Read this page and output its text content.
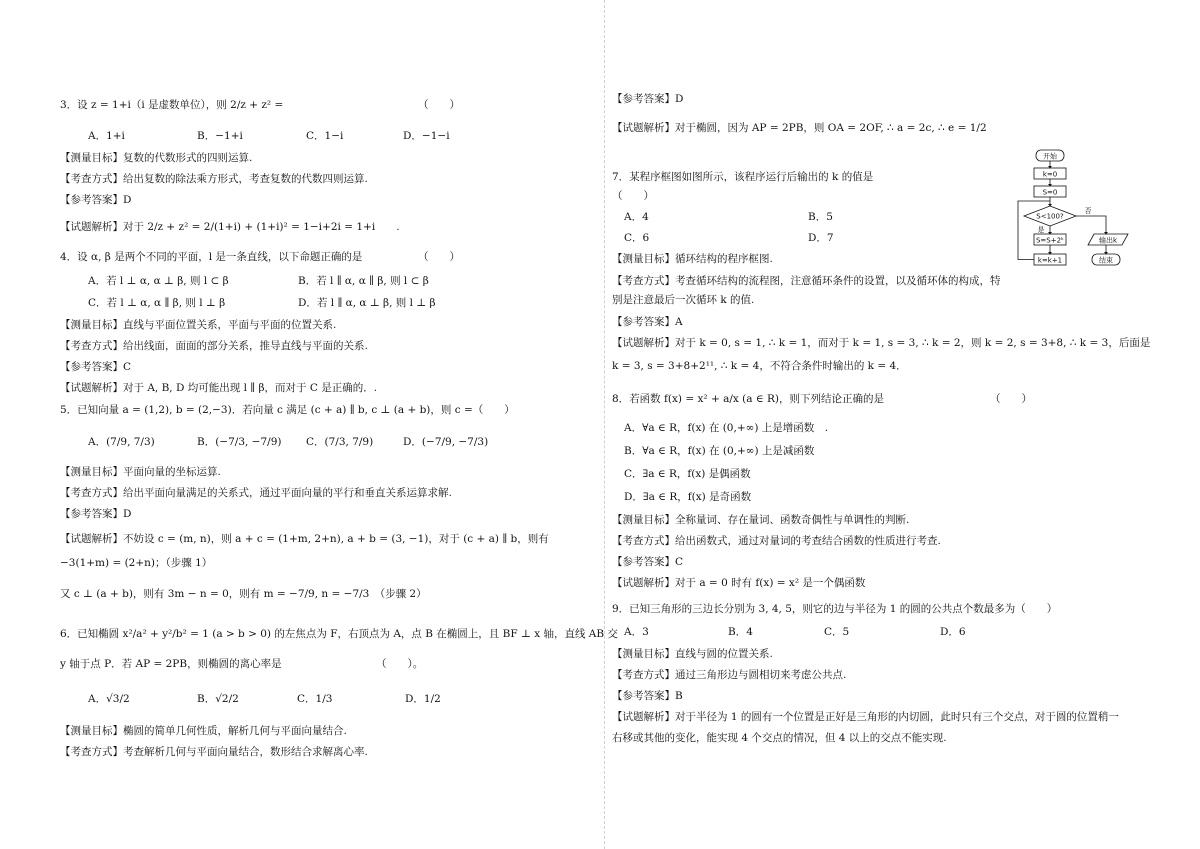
3．设 z = 1+i（i 是虚数单位），则 2/z + z² =	（　　）
A．1+i	B．−1+i	C．1−i	D．−1−i
【测量目标】复数的代数形式的四则运算.
【考查方式】给出复数的除法乘方形式，考查复数的代数四则运算.
【参考答案】D
【试题解析】对于 2/z + z² = 2/(1+i) + (1+i)² = 1−i+2i = 1+i　　.
4．设 α, β 是两个不同的平面，l 是一条直线，以下命题正确的是	（　　）
A．若 l ⊥ α, α ⊥ β, 则 l ⊂ β	B．若 l ∥ α, α ∥ β, 则 l ⊂ β
C．若 l ⊥ α, α ∥ β, 则 l ⊥ β	D．若 l ∥ α, α ⊥ β, 则 l ⊥ β
【测量目标】直线与平面位置关系，平面与平面的位置关系.
【考查方式】给出线面，面面的部分关系，推导直线与平面的关系.
【参考答案】C
【试题解析】对于 A, B, D 均可能出现 l ∥ β，而对于 C 是正确的．.
5．已知向量 a = (1,2), b = (2,−3)．若向量 c 满足 (c + a) ∥ b, c ⊥ (a + b)，则 c =（　　）
A．(7/9, 7/3)	B．(−7/3, −7/9) C．(7/3, 7/9)	D．(−7/9, −7/3)
【测量目标】平面向量的坐标运算.
【考查方式】给出平面向量满足的关系式，通过平面向量的平行和垂直关系运算求解.
【参考答案】D
【试题解析】不妨设 c = (m, n)，则 a + c = (1+m, 2+n), a + b = (3, −1)，对于 (c + a) ∥ b，则有
−3(1+m) = (2+n)；（步骤 1）
又 c ⊥ (a + b)，则有 3m − n = 0，则有 m = −7/9, n = −7/3　（步骤 2）
6．已知椭圆 x²/a² + y²/b² = 1 (a > b > 0) 的左焦点为 F，右顶点为 A，点 B 在椭圆上，且 BF ⊥ x 轴，直线 AB 交
y 轴于点 P．若 AP = 2PB，则椭圆的离心率是	（　　）。
A．√3/2	B．√2/2	C．1/3	D．1/2
【测量目标】椭圆的简单几何性质，解析几何与平面向量结合.
【考查方式】考查解析几何与平面向量结合，数形结合求解离心率.
【参考答案】D
【试题解析】对于椭圆，因为 AP = 2PB，则 OA = 2OF, ∴ a = 2c, ∴ e = 1/2
7．某程序框图如图所示，该程序运行后输出的 k 的值是
（　　）
A．4	B．5
C．6	D．7
【测量目标】循环结构的程序框图.
【考查方式】考查循环结构的流程图，注意循环条件的设置，以及循环体的构成，特
别是注意最后一次循环 k 的值.
【参考答案】A
【试题解析】对于 k = 0, s = 1, ∴ k = 1，而对于 k = 1, s = 3, ∴ k = 2，则 k = 2, s = 3+8, ∴ k = 3，后面是
k = 3, s = 3+8+2¹¹, ∴ k = 4，不符合条件时输出的 k = 4．
8．若函数 f(x) = x² + a/x (a ∈ R)，则下列结论正确的是	（　　）
A．∀a ∈ R，f(x) 在 (0,+∞) 上是增函数　.
B．∀a ∈ R，f(x) 在 (0,+∞) 上是减函数
C．∃a ∈ R，f(x) 是偶函数
D．∃a ∈ R，f(x) 是奇函数
【测量目标】全称量词、存在量词、函数奇偶性与单调性的判断.
【考查方式】给出函数式，通过对量词的考查结合函数的性质进行考查.
【参考答案】C
【试题解析】对于 a = 0 时有 f(x) = x² 是一个偶函数
9．已知三角形的三边长分别为 3, 4, 5，则它的边与半径为 1 的圆的公共点个数最多为（　　）
A．3	B．4	C．5	D．6
【测量目标】直线与圆的位置关系.
【考查方式】通过三角形边与圆相切来考虑公共点.
【参考答案】B
【试题解析】对于半径为 1 的圆有一个位置是正好是三角形的内切圆，此时只有三个交点，对于圆的位置稍一
右移或其他的变化，能实现 4 个交点的情况，但 4 以上的交点不能实现.
开始
k=0
S=0
S<100?
是
否
S=S+2ᵏ
k=k+1
输出k
结束
